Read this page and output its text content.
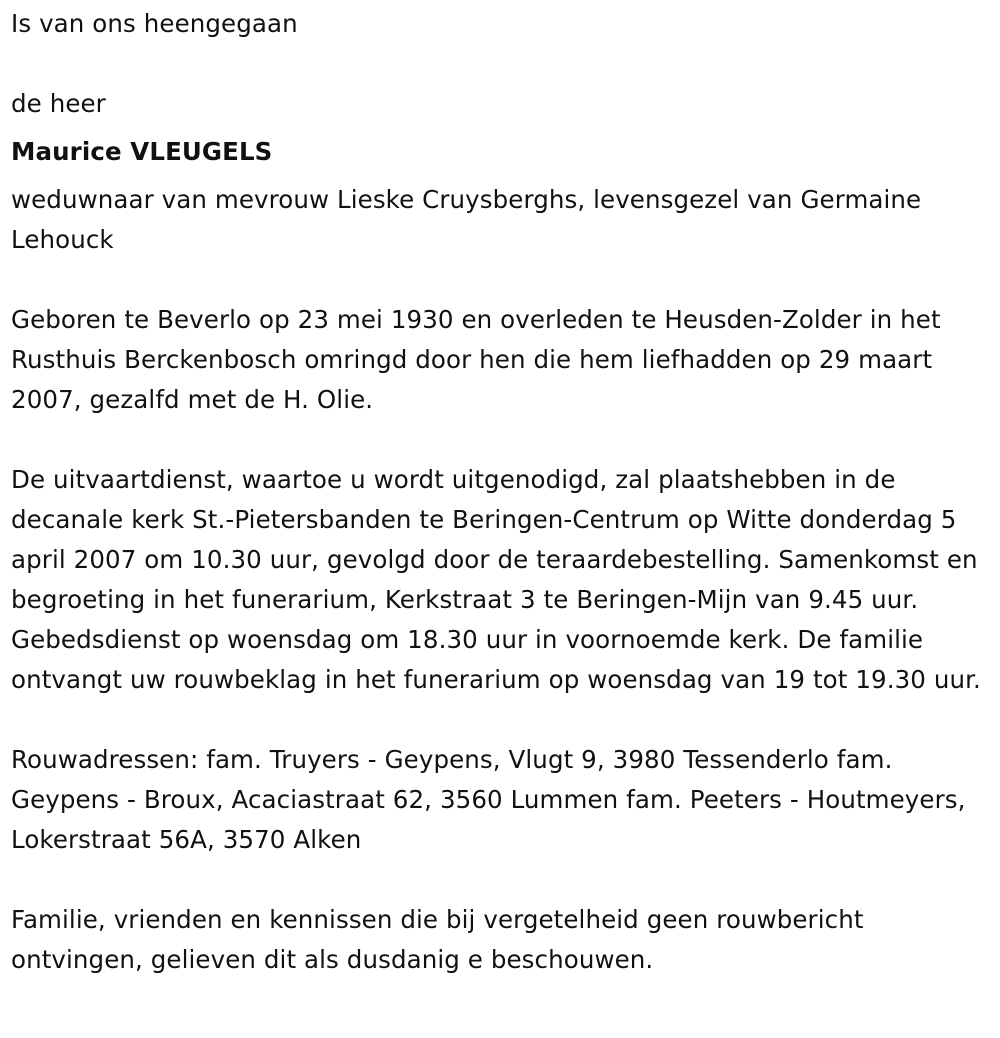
Is van ons heengegaan

de heer

Maurice VLEUGELS

weduwnaar van mevrouw Lieske Cruysberghs, levensgezel van Germaine Lehouck

Geboren te Beverlo op 23 mei 1930 en overleden te Heusden-Zolder in het Rusthuis Berckenbosch omringd door hen die hem liefhadden op 29 maart 2007, gezalfd met de H. Olie.

De uitvaartdienst, waartoe u wordt uitgenodigd, zal plaatshebben in de decanale kerk St.-Pietersbanden te Beringen-Centrum op Witte donderdag 5 april 2007 om 10.30 uur, gevolgd door de teraardebestelling. Samenkomst en begroeting in het funerarium, Kerkstraat 3 te Beringen-Mijn van 9.45 uur. Gebedsdienst op woensdag om 18.30 uur in voornoemde kerk. De familie ontvangt uw rouwbeklag in het funerarium op woensdag van 19 tot 19.30 uur.

Rouwadressen: fam. Truyers - Geypens, Vlugt 9, 3980 Tessenderlo fam. Geypens - Broux, Acaciastraat 62, 3560 Lummen fam. Peeters - Houtmeyers, Lokerstraat 56A, 3570 Alken

Familie, vrienden en kennissen die bij vergetelheid geen rouwbericht ontvingen, gelieven dit als dusdanig e beschouwen.
